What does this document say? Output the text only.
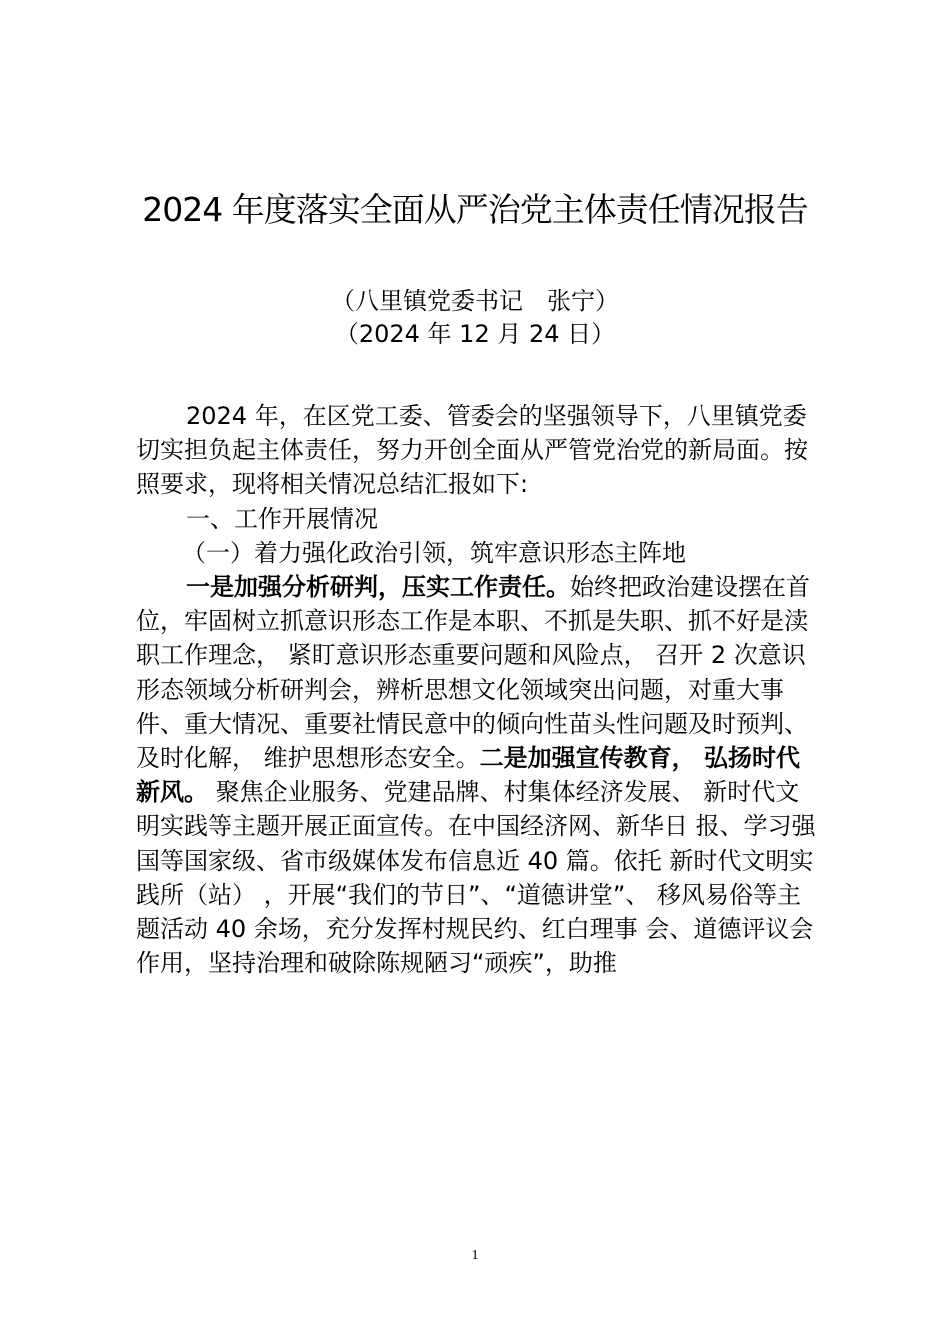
2024 年度落实全面从严治党主体责任情况报告

（八里镇党委书记　张宁）

（2024 年 12 月 24 日）

2024 年，在区党工委、管委会的坚强领导下，八里镇党委切实担负起主体责任，努力开创全面从严管党治党的新局面。按照要求，现将相关情况总结汇报如下:

一、工作开展情况

（一）着力强化政治引领，筑牢意识形态主阵地

一是加强分析研判，压实工作责任。始终把政治建设摆在首位，牢固树立抓意识形态工作是本职、不抓是失职、抓不好是渎职工作理念， 紧盯意识形态重要问题和风险点， 召开 2 次意识形态领域分析研判会，辨析思想文化领域突出问题，对重大事件、重大情况、重要社情民意中的倾向性苗头性问题及时预判、及时化解， 维护思想形态安全。二是加强宣传教育， 弘扬时代新风。 聚焦企业服务、党建品牌、村集体经济发展、 新时代文明实践等主题开展正面宣传。在中国经济网、新华日 报、学习强国等国家级、省市级媒体发布信息近 40 篇。依托 新时代文明实践所（站） ，开展“我们的节日”、“道德讲堂”、 移风易俗等主题活动 40 余场，充分发挥村规民约、红白理事 会、道德评议会作用，坚持治理和破除陈规陋习“顽疾”，助推

1
